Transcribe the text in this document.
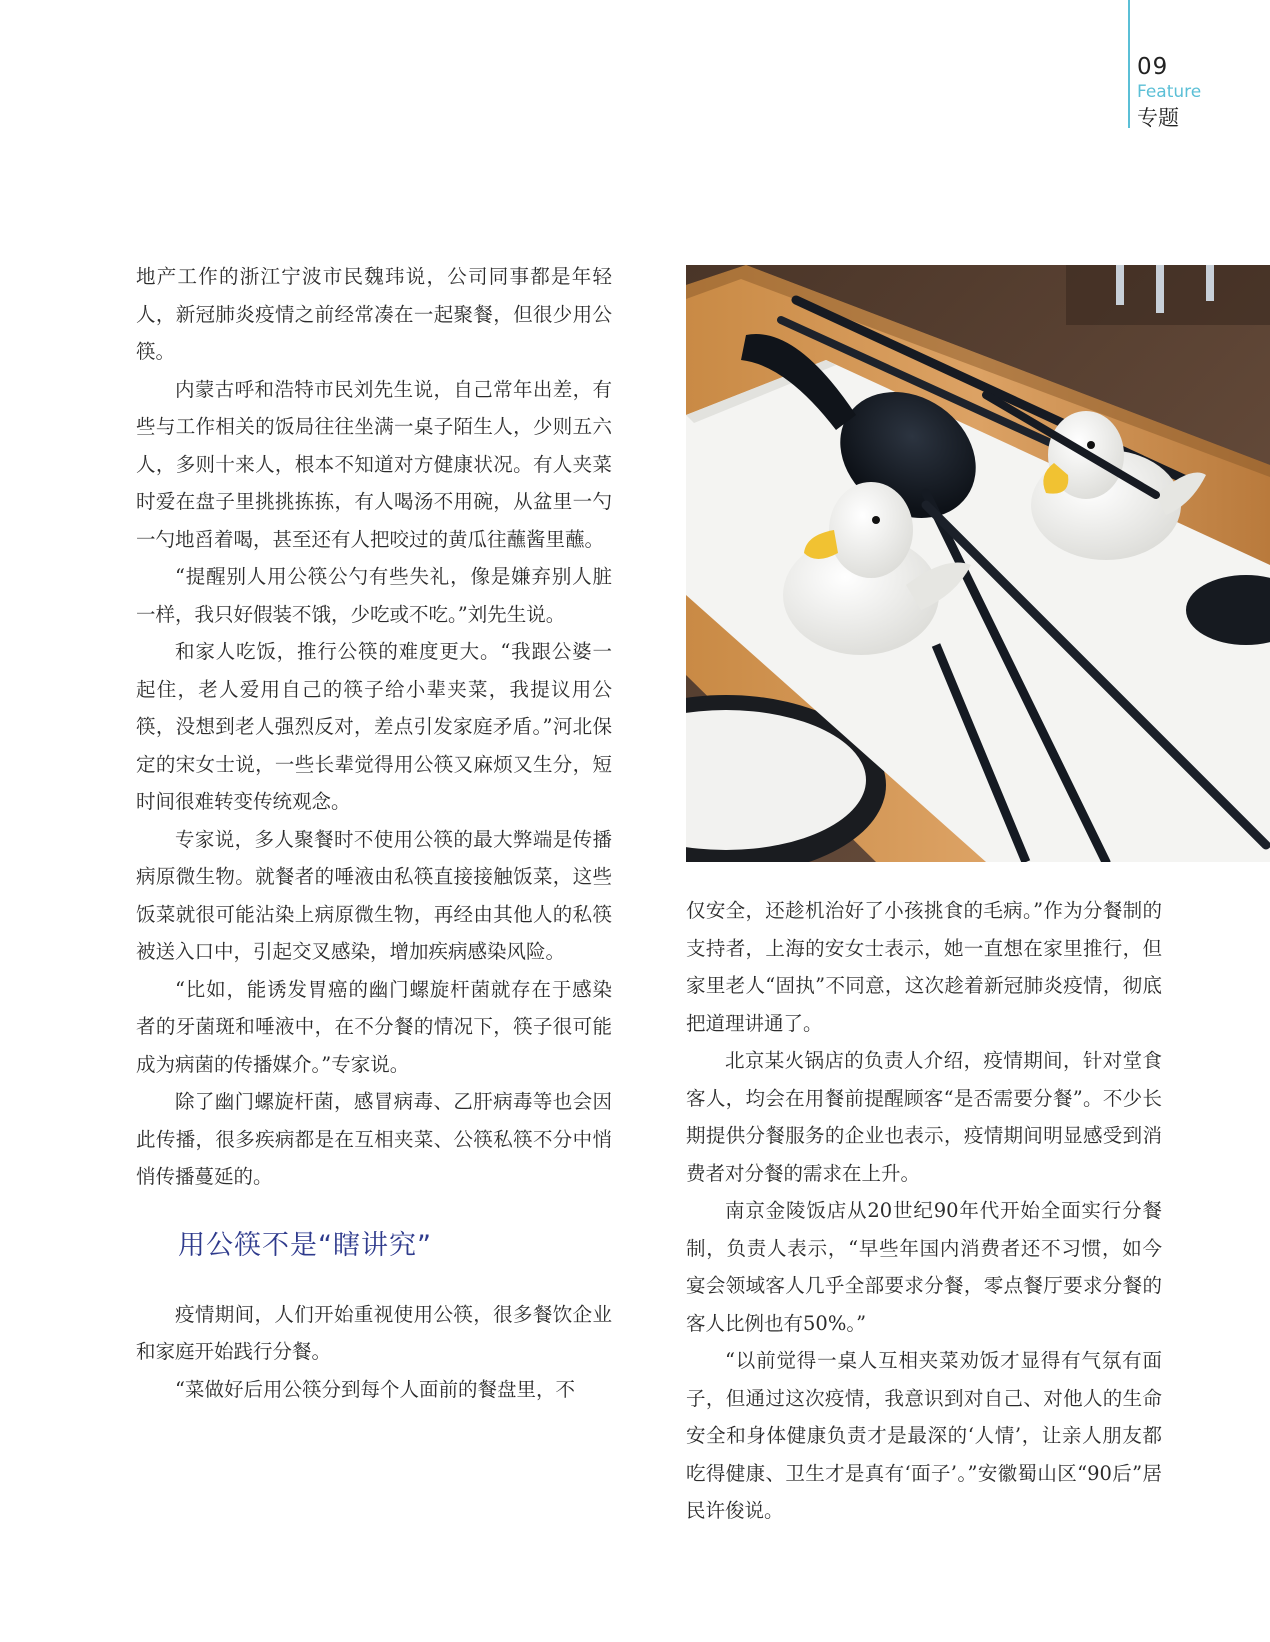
09
Feature
专题

地产工作的浙江宁波市民魏玮说，公司同事都是年轻人，新冠肺炎疫情之前经常凑在一起聚餐，但很少用公筷。

内蒙古呼和浩特市民刘先生说，自己常年出差，有些与工作相关的饭局往往坐满一桌子陌生人，少则五六人，多则十来人，根本不知道对方健康状况。有人夹菜时爱在盘子里挑挑拣拣，有人喝汤不用碗，从盆里一勺一勺地舀着喝，甚至还有人把咬过的黄瓜往蘸酱里蘸。

“提醒别人用公筷公勺有些失礼，像是嫌弃别人脏一样，我只好假装不饿，少吃或不吃。”刘先生说。

和家人吃饭，推行公筷的难度更大。“我跟公婆一起住，老人爱用自己的筷子给小辈夹菜，我提议用公筷，没想到老人强烈反对，差点引发家庭矛盾。”河北保定的宋女士说，一些长辈觉得用公筷又麻烦又生分，短时间很难转变传统观念。

专家说，多人聚餐时不使用公筷的最大弊端是传播病原微生物。就餐者的唾液由私筷直接接触饭菜，这些饭菜就很可能沾染上病原微生物，再经由其他人的私筷被送入口中，引起交叉感染，增加疾病感染风险。

“比如，能诱发胃癌的幽门螺旋杆菌就存在于感染者的牙菌斑和唾液中，在不分餐的情况下，筷子很可能成为病菌的传播媒介。”专家说。

除了幽门螺旋杆菌，感冒病毒、乙肝病毒等也会因此传播，很多疾病都是在互相夹菜、公筷私筷不分中悄悄传播蔓延的。

用公筷不是“瞎讲究”

疫情期间，人们开始重视使用公筷，很多餐饮企业和家庭开始践行分餐。

“菜做好后用公筷分到每个人面前的餐盘里，不

仅安全，还趁机治好了小孩挑食的毛病。”作为分餐制的支持者，上海的安女士表示，她一直想在家里推行，但家里老人“固执”不同意，这次趁着新冠肺炎疫情，彻底把道理讲通了。

北京某火锅店的负责人介绍，疫情期间，针对堂食客人，均会在用餐前提醒顾客“是否需要分餐”。不少长期提供分餐服务的企业也表示，疫情期间明显感受到消费者对分餐的需求在上升。

南京金陵饭店从20世纪90年代开始全面实行分餐制，负责人表示，“早些年国内消费者还不习惯，如今宴会领域客人几乎全部要求分餐，零点餐厅要求分餐的客人比例也有50%。”

“以前觉得一桌人互相夹菜劝饭才显得有气氛有面子，但通过这次疫情，我意识到对自己、对他人的生命安全和身体健康负责才是最深的‘人情’，让亲人朋友都吃得健康、卫生才是真有‘面子’。”安徽蜀山区“90后”居民许俊说。
